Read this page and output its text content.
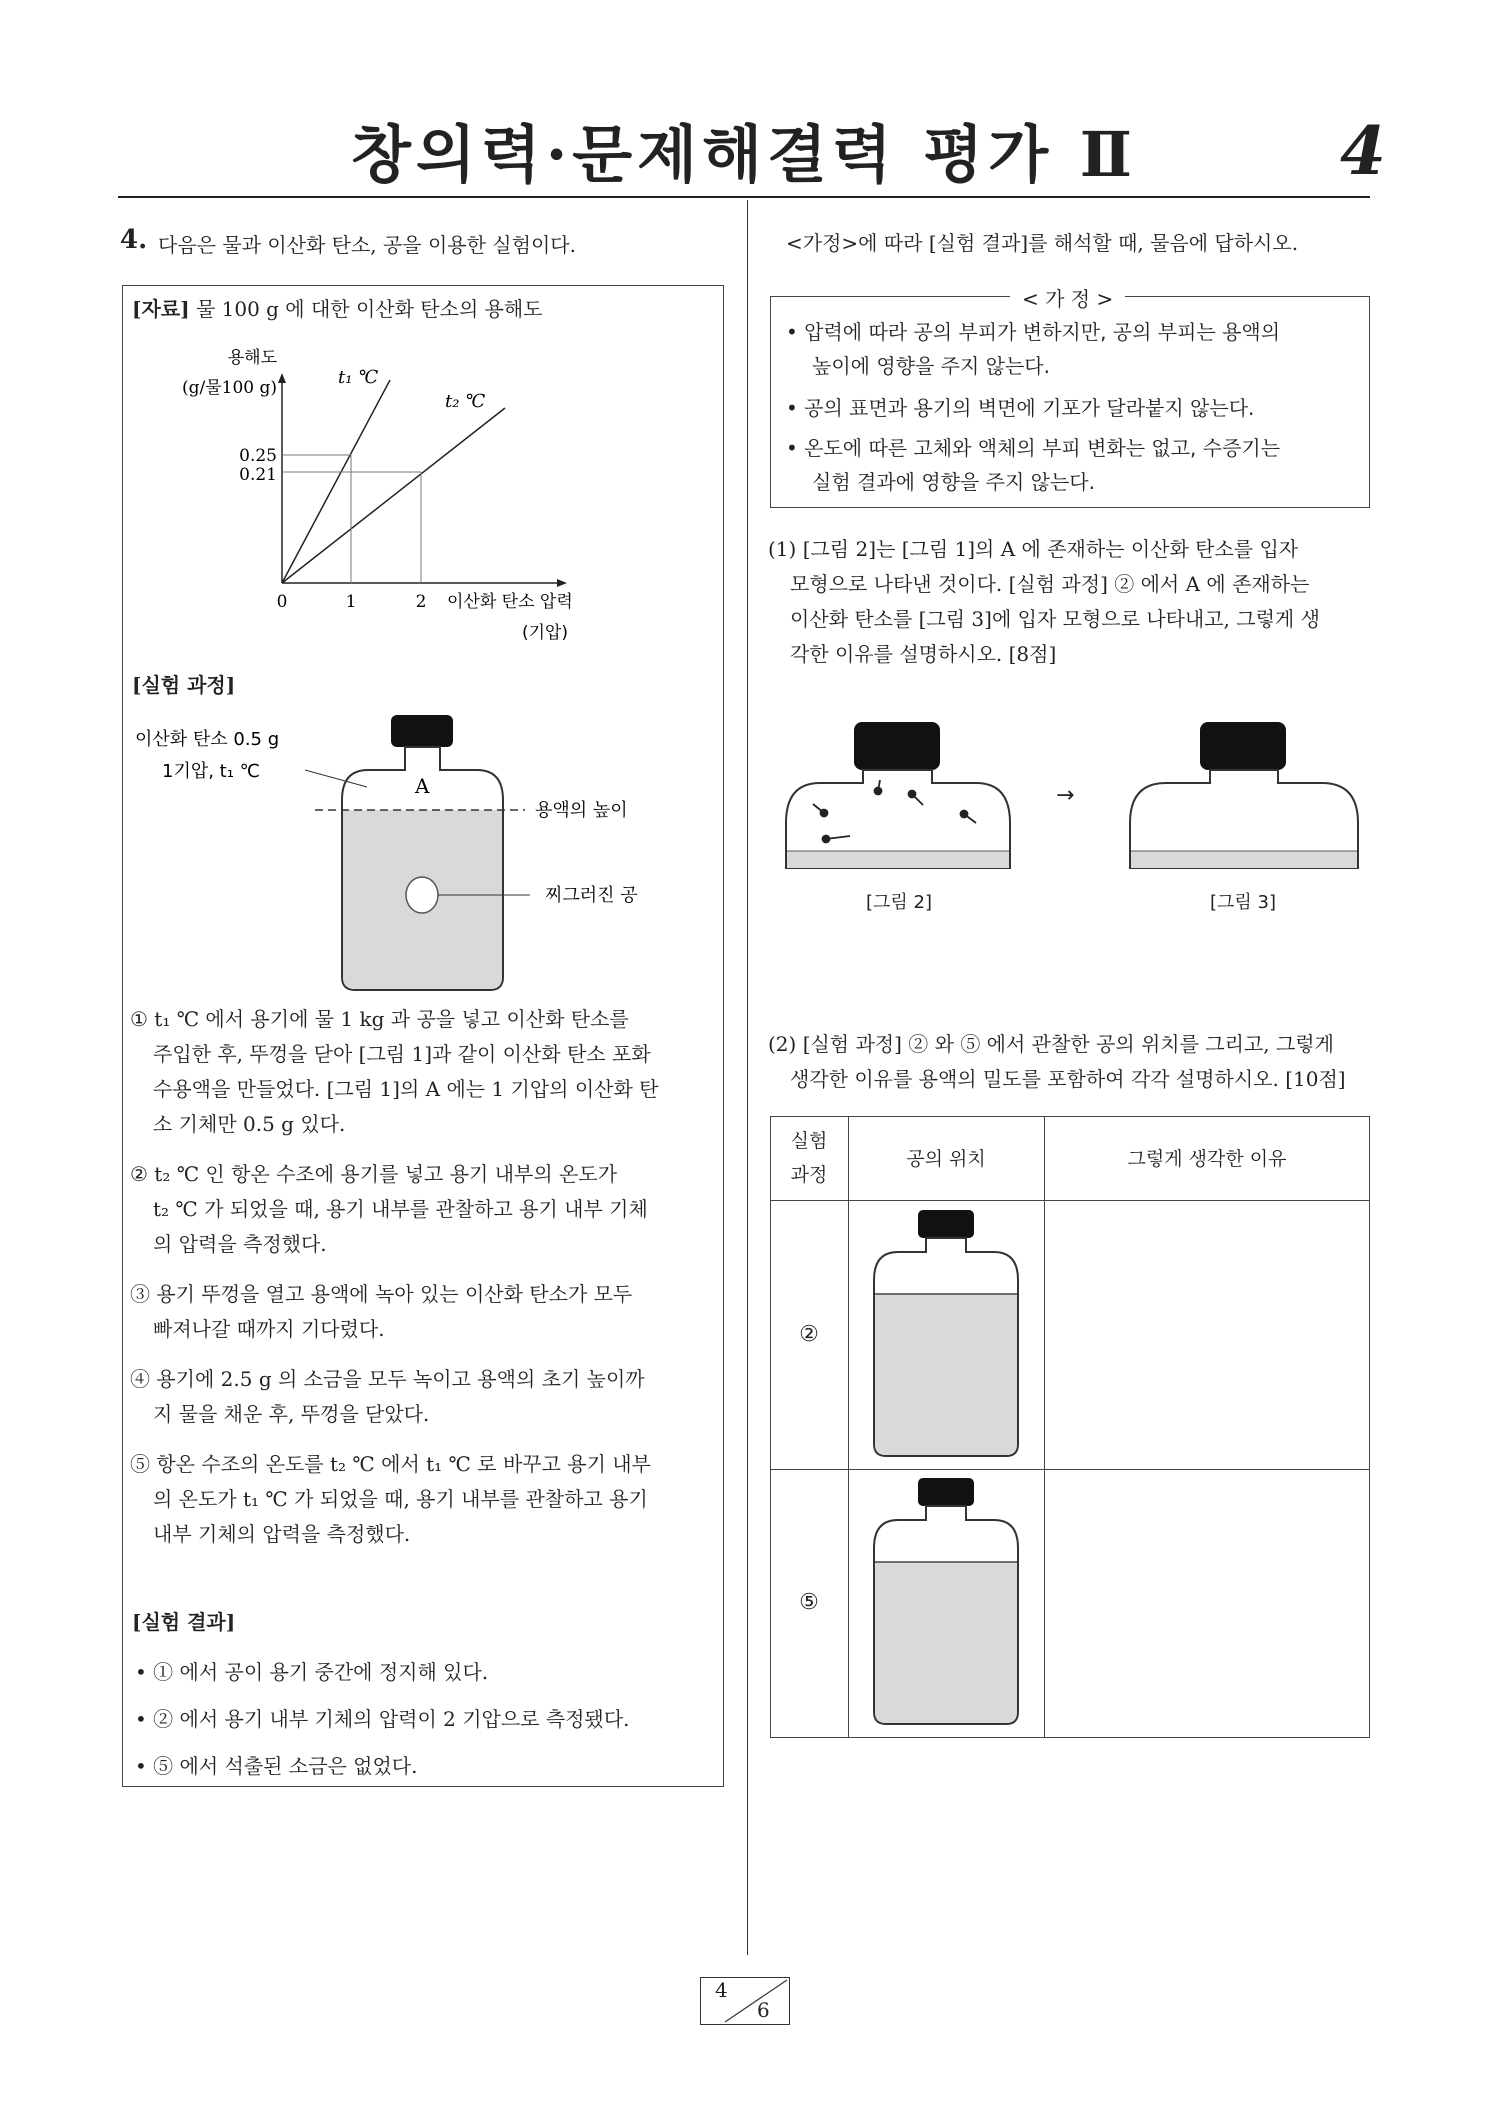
창의력·문제해결력 평가 Ⅱ	4
4. 다음은 물과 이산화 탄소, 공을 이용한 실험이다.
[자료] 물 100 g 에 대한 이산화 탄소의 용해도
0.25
0.21
0	1	2
용해도
(g/물100 g)
이산화 탄소 압력
(기압)
t₁ ℃
t₂ ℃
[실험 과정]
이산화 탄소 0.5 g
1기압, t₁ ℃
A
용액의 높이
찌그러진 공
① t₁ ℃ 에서 용기에 물 1 kg 과 공을 넣고 이산화 탄소를
주입한 후, 뚜껑을 닫아 [그림 1]과 같이 이산화 탄소 포화
수용액을 만들었다. [그림 1]의 A 에는 1 기압의 이산화 탄
소 기체만 0.5 g 있다.
② t₂ ℃ 인 항온 수조에 용기를 넣고 용기 내부의 온도가
t₂ ℃ 가 되었을 때, 용기 내부를 관찰하고 용기 내부 기체
의 압력을 측정했다.
③ 용기 뚜껑을 열고 용액에 녹아 있는 이산화 탄소가 모두
빠져나갈 때까지 기다렸다.
④ 용기에 2.5 g 의 소금을 모두 녹이고 용액의 초기 높이까
지 물을 채운 후, 뚜껑을 닫았다.
⑤ 항온 수조의 온도를 t₂ ℃ 에서 t₁ ℃ 로 바꾸고 용기 내부
의 온도가 t₁ ℃ 가 되었을 때, 용기 내부를 관찰하고 용기
내부 기체의 압력을 측정했다.
[실험 결과]
• ① 에서 공이 용기 중간에 정지해 있다.
• ② 에서 용기 내부 기체의 압력이 2 기압으로 측정됐다.
• ⑤ 에서 석출된 소금은 없었다.
<가정>에 따라 [실험 결과]를 해석할 때, 물음에 답하시오.
< 가 정 >
• 압력에 따라 공의 부피가 변하지만, 공의 부피는 용액의
높이에 영향을 주지 않는다.
• 공의 표면과 용기의 벽면에 기포가 달라붙지 않는다.
• 온도에 따른 고체와 액체의 부피 변화는 없고, 수증기는
실험 결과에 영향을 주지 않는다.
(1) [그림 2]는 [그림 1]의 A 에 존재하는 이산화 탄소를 입자
모형으로 나타낸 것이다. [실험 과정] ② 에서 A 에 존재하는
이산화 탄소를 [그림 3]에 입자 모형으로 나타내고, 그렇게 생
각한 이유를 설명하시오. [8점]
→
[그림 2]	[그림 3]
(2) [실험 과정] ② 와 ⑤ 에서 관찰한 공의 위치를 그리고, 그렇게
생각한 이유를 용액의 밀도를 포함하여 각각 설명하시오. [10점]
실험
과정
공의 위치	그렇게 생각한 이유
②
⑤
4
6
